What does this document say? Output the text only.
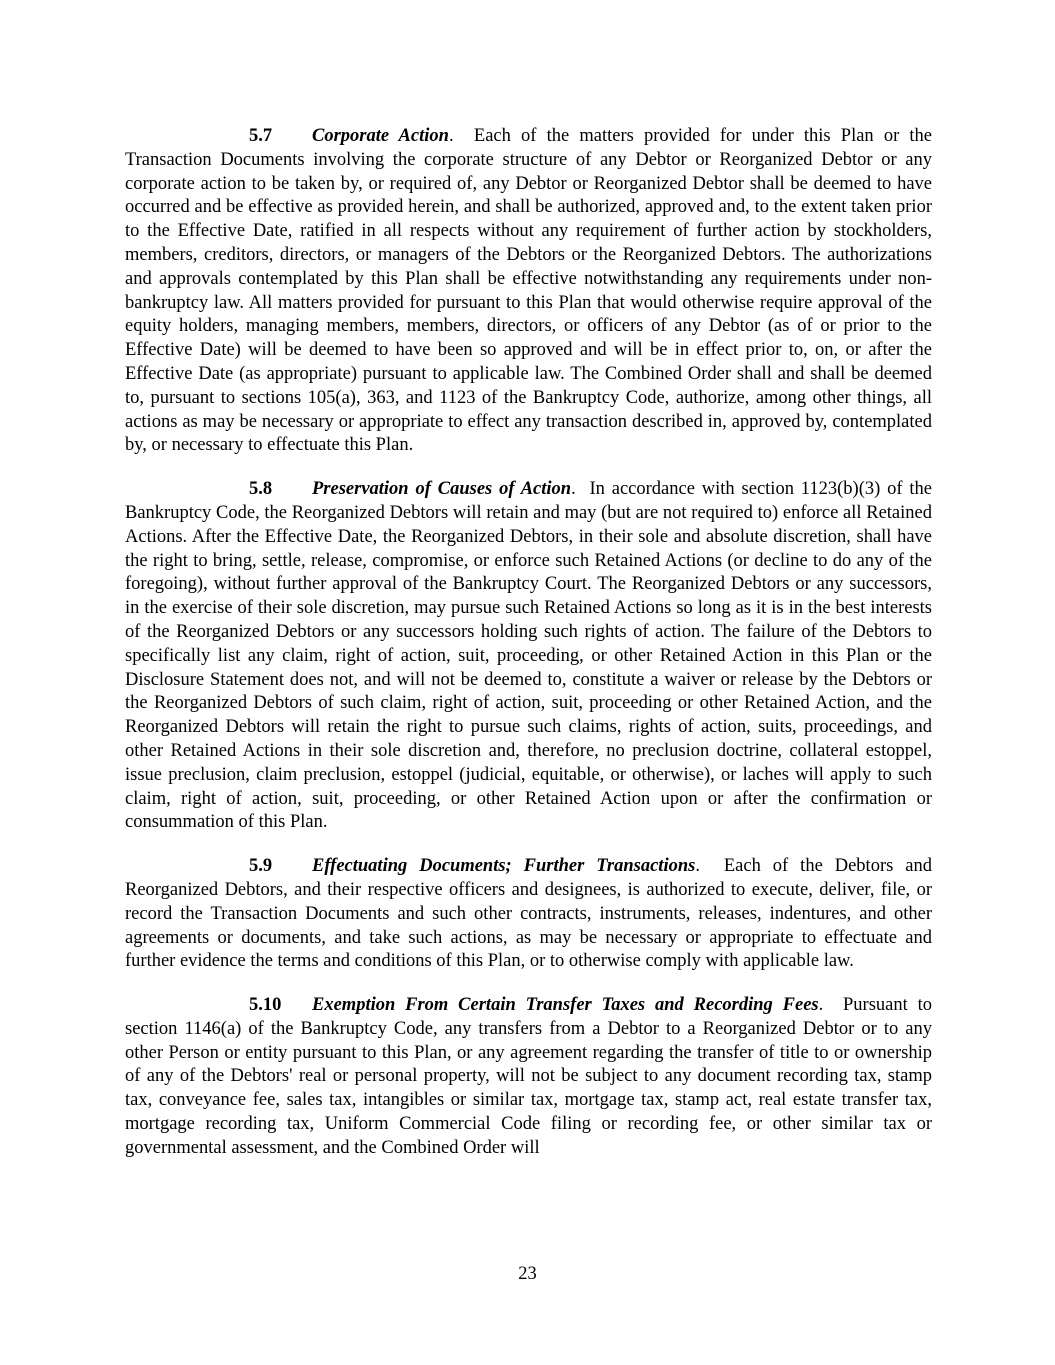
5.7 Corporate Action.  Each of the matters provided for under this Plan or the Transaction Documents involving the corporate structure of any Debtor or Reorganized Debtor or any corporate action to be taken by, or required of, any Debtor or Reorganized Debtor shall be deemed to have occurred and be effective as provided herein, and shall be authorized, approved and, to the extent taken prior to the Effective Date, ratified in all respects without any requirement of further action by stockholders, members, creditors, directors, or managers of the Debtors or the Reorganized Debtors. The authorizations and approvals contemplated by this Plan shall be effective notwithstanding any requirements under non-bankruptcy law. All matters provided for pursuant to this Plan that would otherwise require approval of the equity holders, managing members, members, directors, or officers of any Debtor (as of or prior to the Effective Date) will be deemed to have been so approved and will be in effect prior to, on, or after the Effective Date (as appropriate) pursuant to applicable law. The Combined Order shall and shall be deemed to, pursuant to sections 105(a), 363, and 1123 of the Bankruptcy Code, authorize, among other things, all actions as may be necessary or appropriate to effect any transaction described in, approved by, contemplated by, or necessary to effectuate this Plan.

5.8 Preservation of Causes of Action.  In accordance with section 1123(b)(3) of the Bankruptcy Code, the Reorganized Debtors will retain and may (but are not required to) enforce all Retained Actions. After the Effective Date, the Reorganized Debtors, in their sole and absolute discretion, shall have the right to bring, settle, release, compromise, or enforce such Retained Actions (or decline to do any of the foregoing), without further approval of the Bankruptcy Court. The Reorganized Debtors or any successors, in the exercise of their sole discretion, may pursue such Retained Actions so long as it is in the best interests of the Reorganized Debtors or any successors holding such rights of action. The failure of the Debtors to specifically list any claim, right of action, suit, proceeding, or other Retained Action in this Plan or the Disclosure Statement does not, and will not be deemed to, constitute a waiver or release by the Debtors or the Reorganized Debtors of such claim, right of action, suit, proceeding or other Retained Action, and the Reorganized Debtors will retain the right to pursue such claims, rights of action, suits, proceedings, and other Retained Actions in their sole discretion and, therefore, no preclusion doctrine, collateral estoppel, issue preclusion, claim preclusion, estoppel (judicial, equitable, or otherwise), or laches will apply to such claim, right of action, suit, proceeding, or other Retained Action upon or after the confirmation or consummation of this Plan.

5.9 Effectuating Documents; Further Transactions.  Each of the Debtors and Reorganized Debtors, and their respective officers and designees, is authorized to execute, deliver, file, or record the Transaction Documents and such other contracts, instruments, releases, indentures, and other agreements or documents, and take such actions, as may be necessary or appropriate to effectuate and further evidence the terms and conditions of this Plan, or to otherwise comply with applicable law.

5.10 Exemption From Certain Transfer Taxes and Recording Fees.  Pursuant to section 1146(a) of the Bankruptcy Code, any transfers from a Debtor to a Reorganized Debtor or to any other Person or entity pursuant to this Plan, or any agreement regarding the transfer of title to or ownership of any of the Debtors' real or personal property, will not be subject to any document recording tax, stamp tax, conveyance fee, sales tax, intangibles or similar tax, mortgage tax, stamp act, real estate transfer tax, mortgage recording tax, Uniform Commercial Code filing or recording fee, or other similar tax or governmental assessment, and the Combined Order will

23
